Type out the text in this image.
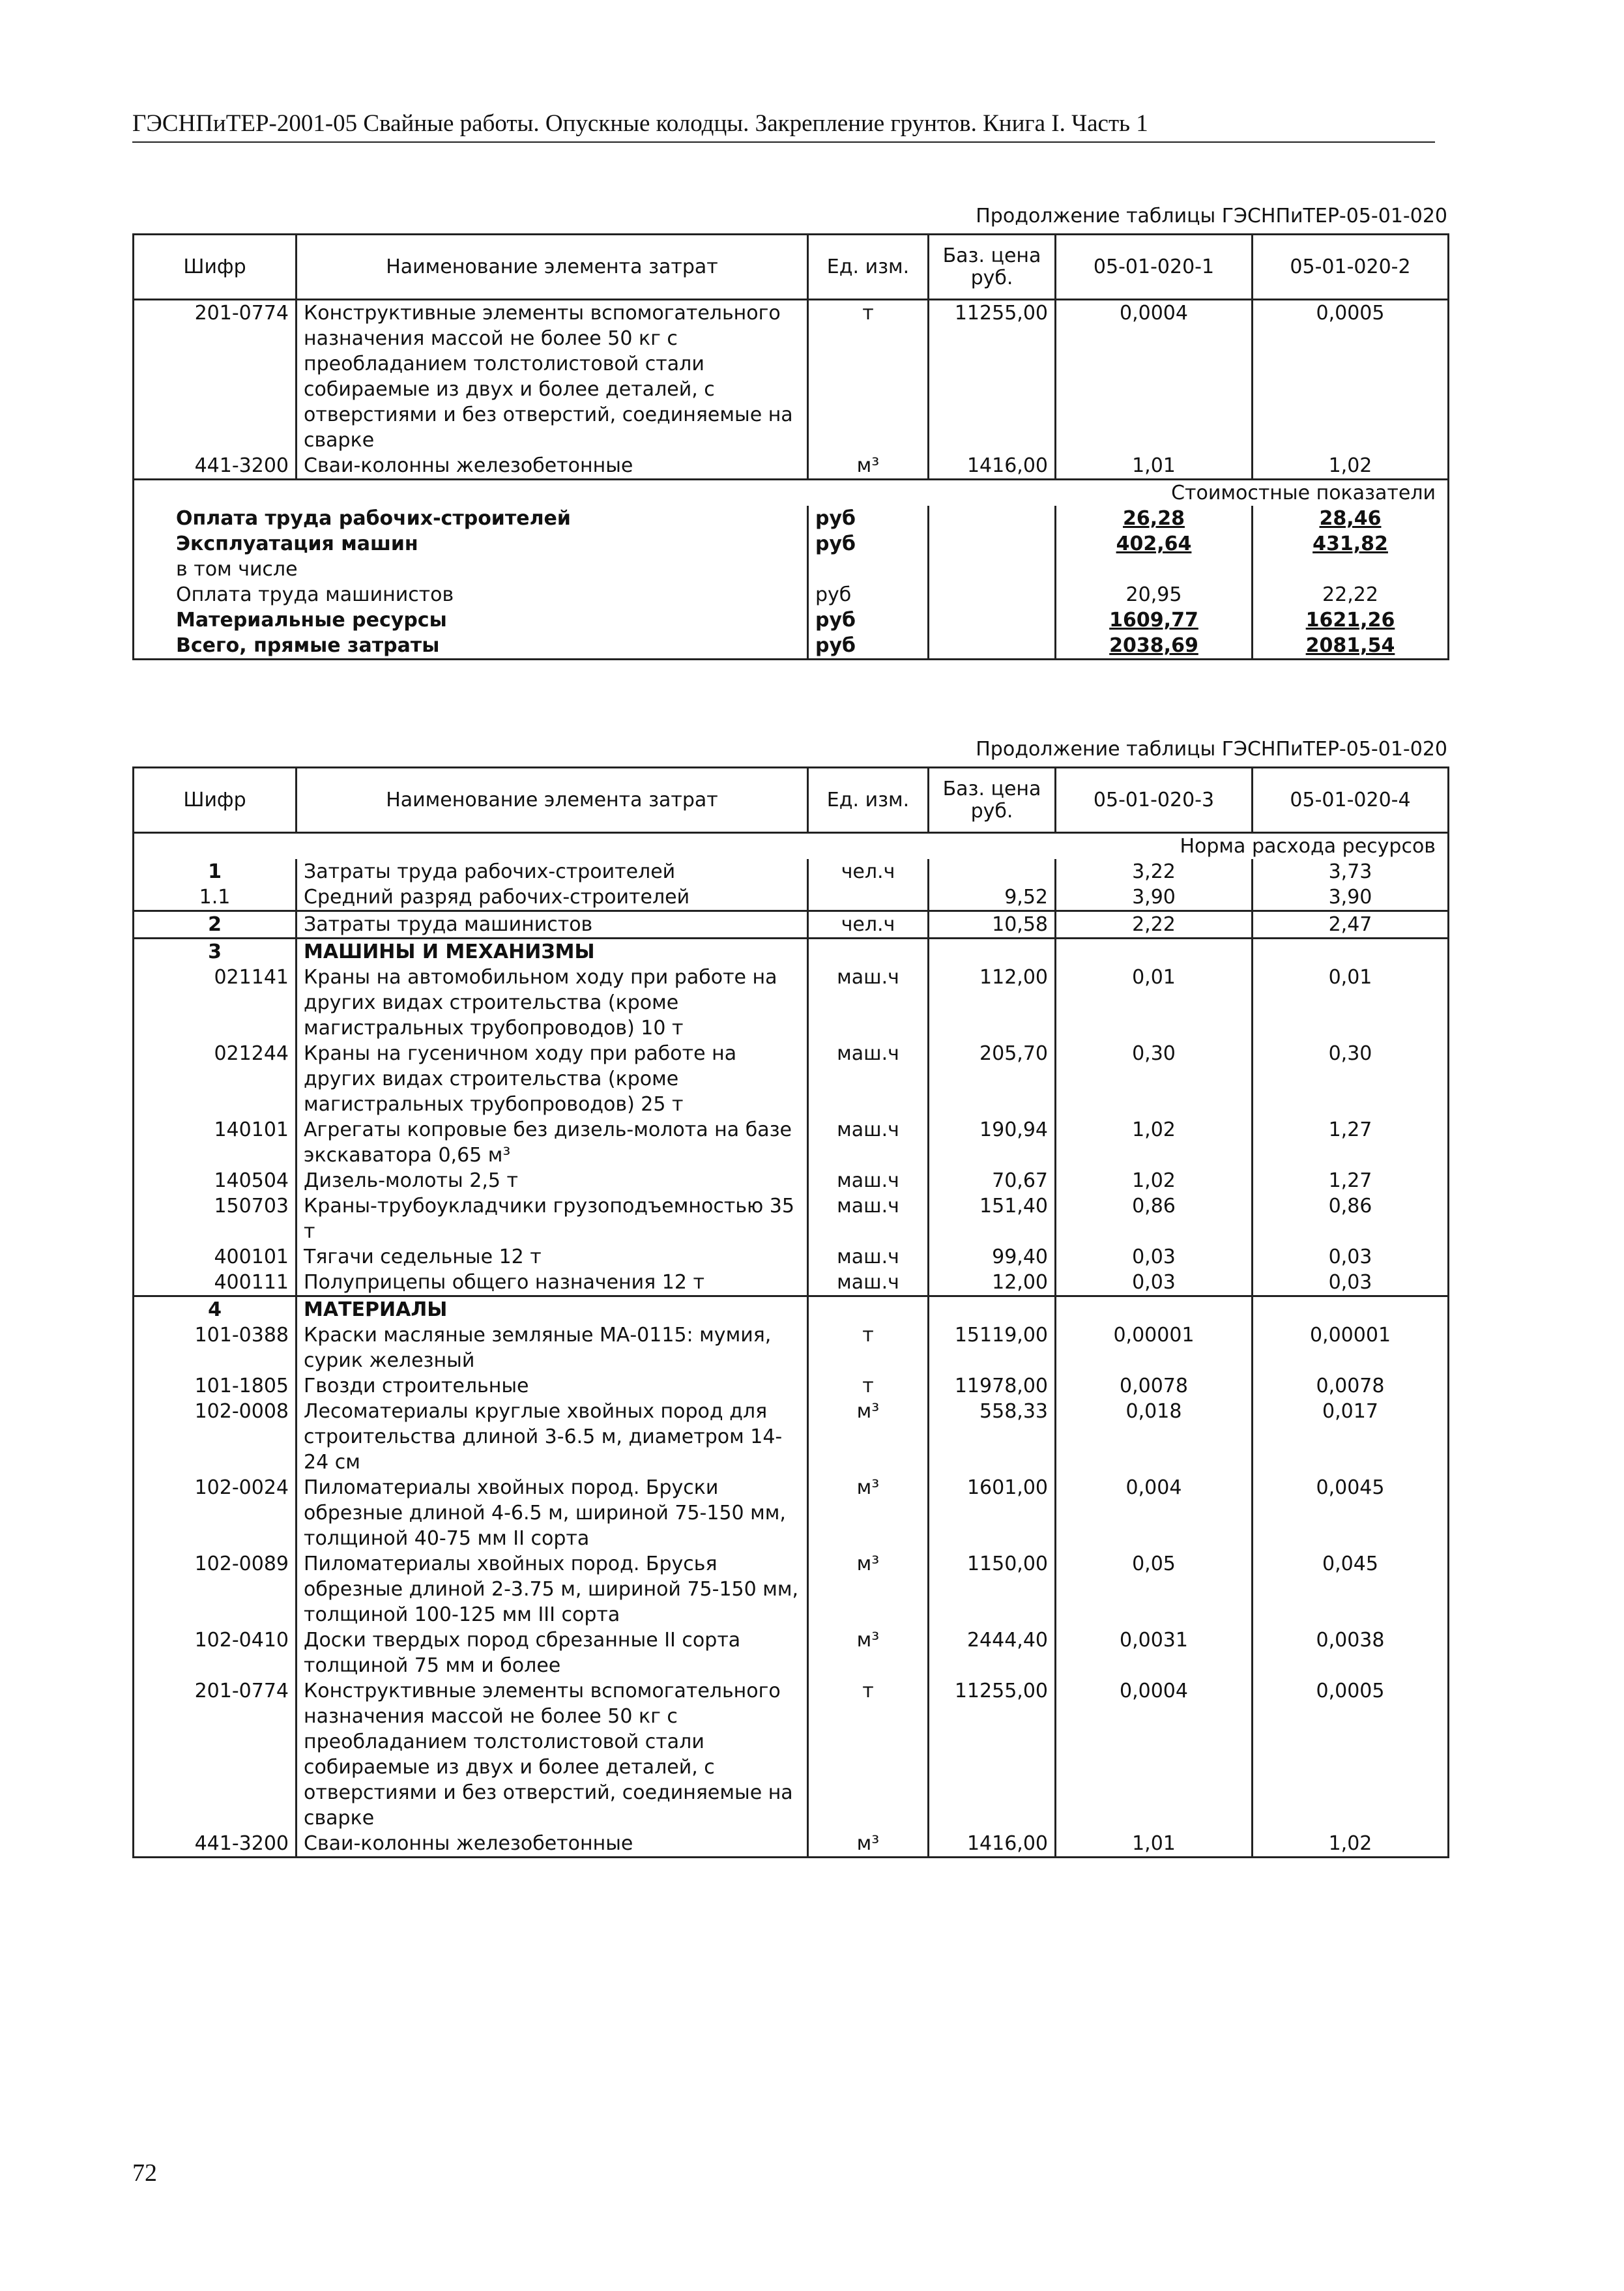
ГЭСНПиТЕР-2001-05 Свайные работы. Опускные колодцы. Закрепление грунтов. Книга I. Часть 1
Продолжение таблицы ГЭСНПиТЕР-05-01-020
Шифр	Наименование элемента затрат	Ед. изм.	Баз. цена руб.	05-01-020-1	05-01-020-2
201-0774	Конструктивные элементы вспомогательного назначения массой не более 50 кг с преобладанием толстолистовой стали собираемые из двух и более деталей, с отверстиями и без отверстий, соединяемые на сварке	т	11255,00	0,0004	0,0005
441-3200	Сваи-колонны железобетонные	м³	1416,00	1,01	1,02
Стоимостные показатели					
Оплата труда рабочих-строителей		руб		26,28	28,46
Эксплуатация машин		руб		402,64	431,82
в том числе					
Оплата труда машинистов		руб		20,95	22,22
Материальные ресурсы		руб		1609,77	1621,26
Всего, прямые затраты		руб		2038,69	2081,54
Продолжение таблицы ГЭСНПиТЕР-05-01-020
Шифр	Наименование элемента затрат	Ед. изм.	Баз. цена руб.	05-01-020-3	05-01-020-4
Норма расхода ресурсов					
1	Затраты труда рабочих-строителей	чел.ч		3,22	3,73
1.1	Средний разряд рабочих-строителей		9,52	3,90	3,90
2	Затраты труда машинистов	чел.ч	10,58	2,22	2,47
3	МАШИНЫ И МЕХАНИЗМЫ				
021141	Краны на автомобильном ходу при работе на других видах строительства (кроме магистральных трубопроводов) 10 т	маш.ч	112,00	0,01	0,01
021244	Краны на гусеничном ходу при работе на других видах строительства (кроме магистральных трубопроводов) 25 т	маш.ч	205,70	0,30	0,30
140101	Агрегаты копровые без дизель-молота на базе экскаватора 0,65 м³	маш.ч	190,94	1,02	1,27
140504	Дизель-молоты 2,5 т	маш.ч	70,67	1,02	1,27
150703	Краны-трубоукладчики грузоподъемностью 35 т	маш.ч	151,40	0,86	0,86
400101	Тягачи седельные 12 т	маш.ч	99,40	0,03	0,03
400111	Полуприцепы общего назначения 12 т	маш.ч	12,00	0,03	0,03
4	МАТЕРИАЛЫ				
101-0388	Краски масляные земляные МА-0115: мумия, сурик железный	т	15119,00	0,00001	0,00001
101-1805	Гвозди строительные	т	11978,00	0,0078	0,0078
102-0008	Лесоматериалы круглые хвойных пород для строительства длиной 3-6.5 м, диаметром 14-24 см	м³	558,33	0,018	0,017
102-0024	Пиломатериалы хвойных пород. Бруски обрезные длиной 4-6.5 м, шириной 75-150 мм, толщиной 40-75 мм II сорта	м³	1601,00	0,004	0,0045
102-0089	Пиломатериалы хвойных пород. Брусья обрезные длиной 2-3.75 м, шириной 75-150 мм, толщиной 100-125 мм III сорта	м³	1150,00	0,05	0,045
102-0410	Доски твердых пород сбрезанные II сорта толщиной 75 мм и более	м³	2444,40	0,0031	0,0038
201-0774	Конструктивные элементы вспомогательного назначения массой не более 50 кг с преобладанием толстолистовой стали собираемые из двух и более деталей, с отверстиями и без отверстий, соединяемые на сварке	т	11255,00	0,0004	0,0005
441-3200	Сваи-колонны железобетонные	м³	1416,00	1,01	1,02
72
